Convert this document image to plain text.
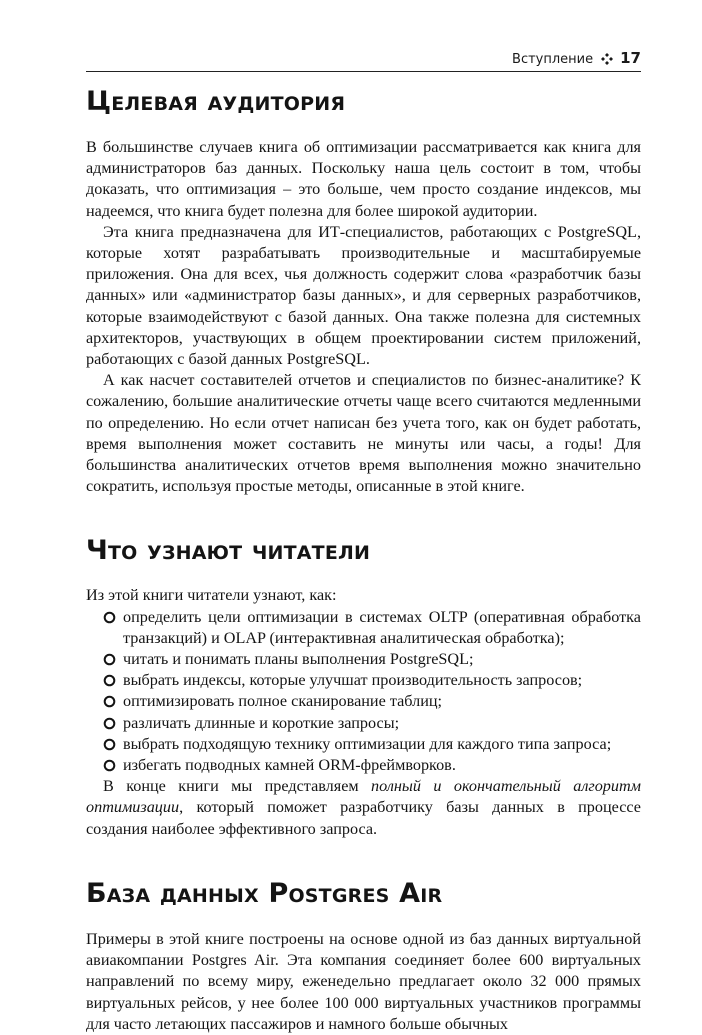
Вступление 17
Целевая аудитория

В большинстве случаев книга об оптимизации рассматривается как книга для администраторов баз данных. Поскольку наша цель состоит в том, чтобы доказать, что оптимизация – это больше, чем просто создание индексов, мы надеемся, что книга будет полезна для более широкой аудитории.

Эта книга предназначена для ИТ-специалистов, работающих с PostgreSQL, которые хотят разрабатывать производительные и масштабируемые приложения. Она для всех, чья должность содержит слова «разработчик базы данных» или «администратор базы данных», и для серверных разработчиков, которые взаимодействуют с базой данных. Она также полезна для системных архитекторов, участвующих в общем проектировании систем приложений, работающих с базой данных PostgreSQL.

А как насчет составителей отчетов и специалистов по бизнес-аналитике? К сожалению, большие аналитические отчеты чаще всего считаются медленными по определению. Но если отчет написан без учета того, как он будет работать, время выполнения может составить не минуты или часы, а годы! Для большинства аналитических отчетов время выполнения можно значительно сократить, используя простые методы, описанные в этой книге.

Что узнают читатели

Из этой книги читатели узнают, как:

определить цели оптимизации в системах OLTP (оперативная обработка транзакций) и OLAP (интерактивная аналитическая обработка);
читать и понимать планы выполнения PostgreSQL;
выбрать индексы, которые улучшат производительность запросов;
оптимизировать полное сканирование таблиц;
различать длинные и короткие запросы;
выбрать подходящую технику оптимизации для каждого типа запроса;
избегать подводных камней ORM-фреймворков.

В конце книги мы представляем полный и окончательный алгоритм оптимизации, который поможет разработчику базы данных в процессе создания наиболее эффективного запроса.

База данных Postgres Air

Примеры в этой книге построены на основе одной из баз данных виртуальной авиакомпании Postgres Air. Эта компания соединяет более 600 виртуальных направлений по всему миру, еженедельно предлагает около 32 000 прямых виртуальных рейсов, у нее более 100 000 виртуальных участников программы для часто летающих пассажиров и намного больше обычных
